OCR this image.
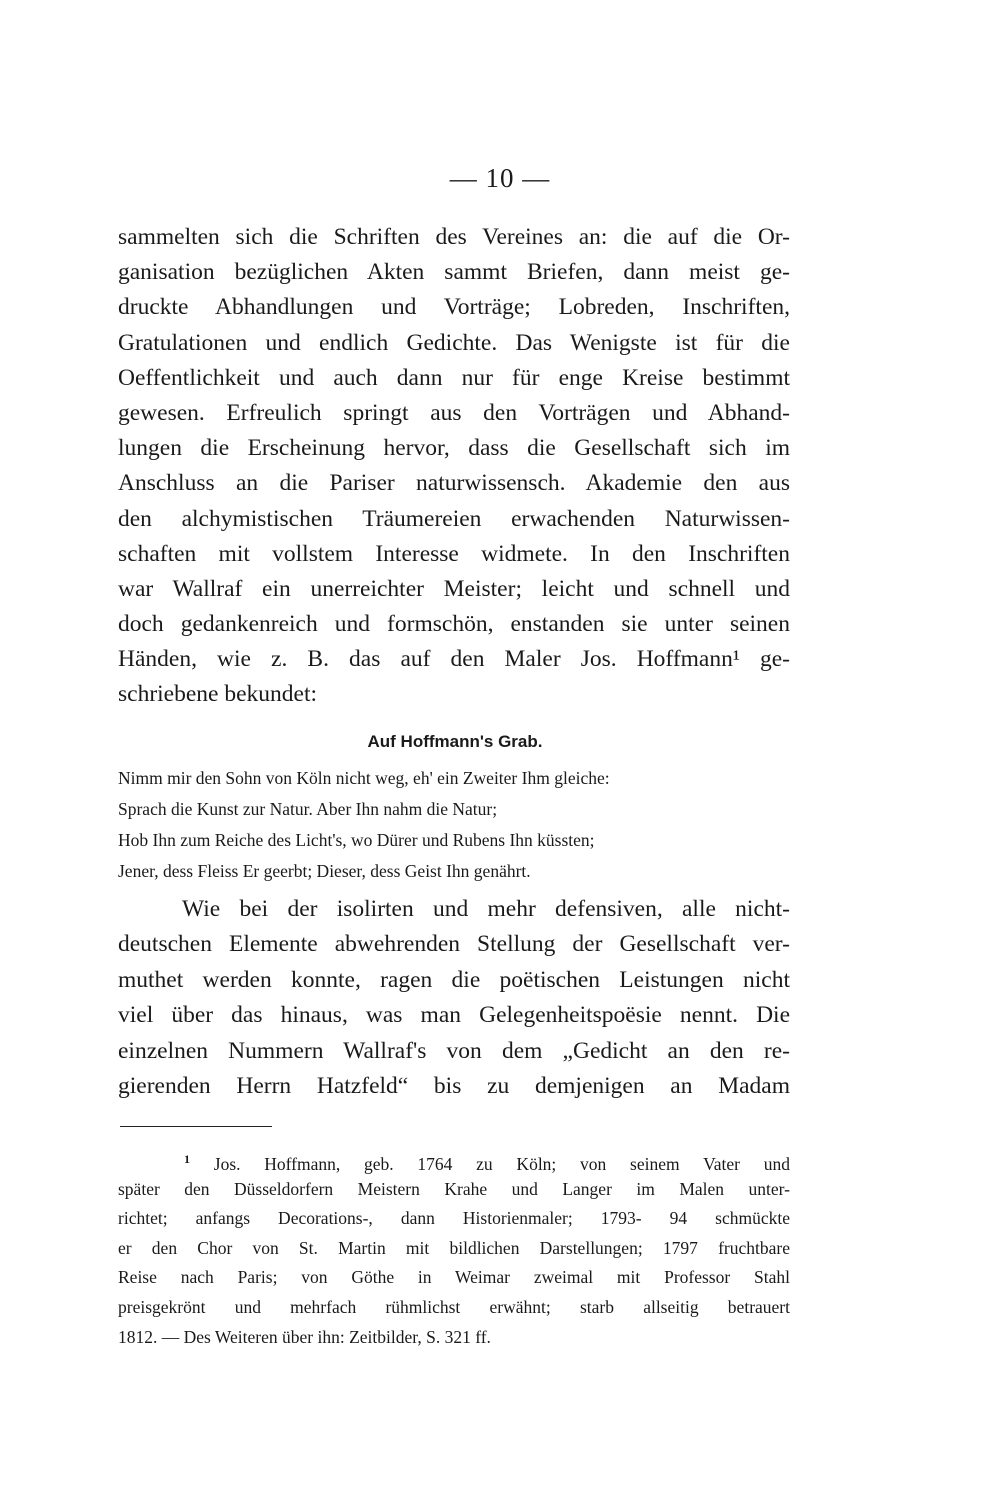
— 10 —
sammelten sich die Schriften des Vereines an: die auf die Or-
ganisation bezüglichen Akten sammt Briefen, dann meist ge-
druckte Abhandlungen und Vorträge; Lobreden, Inschriften,
Gratulationen und endlich Gedichte. Das Wenigste ist für die
Oeffentlichkeit und auch dann nur für enge Kreise bestimmt
gewesen. Erfreulich springt aus den Vorträgen und Abhand-
lungen die Erscheinung hervor, dass die Gesellschaft sich im
Anschluss an die Pariser naturwissensch. Akademie den aus
den alchymistischen Träumereien erwachenden Naturwissen-
schaften mit vollstem Interesse widmete. In den Inschriften
war Wallraf ein unerreichter Meister; leicht und schnell und
doch gedankenreich und formschön, enstanden sie unter seinen
Händen, wie z. B. das auf den Maler Jos. Hoffmann¹ ge-
schriebene bekundet:
Auf Hoffmann's Grab.
Nimm mir den Sohn von Köln nicht weg, eh' ein Zweiter Ihm gleiche:
Sprach die Kunst zur Natur. Aber Ihn nahm die Natur;
Hob Ihn zum Reiche des Licht's, wo Dürer und Rubens Ihn küssten;
Jener, dess Fleiss Er geerbt; Dieser, dess Geist Ihn genährt.
Wie bei der isolirten und mehr defensiven, alle nicht-
deutschen Elemente abwehrenden Stellung der Gesellschaft ver-
muthet werden konnte, ragen die poëtischen Leistungen nicht
viel über das hinaus, was man Gelegenheitspoësie nennt. Die
einzelnen Nummern Wallraf's von dem „Gedicht an den re-
gierenden Herrn Hatzfeld“ bis zu demjenigen an Madam
$^1$ Jos. Hoffmann, geb. 1764 zu Köln; von seinem Vater und
später den Düsseldorfern Meistern Krahe und Langer im Malen unter-
richtet; anfangs Decorations-, dann Historienmaler; 1793- 94 schmückte
er den Chor von St. Martin mit bildlichen Darstellungen; 1797 fruchtbare
Reise nach Paris; von Göthe in Weimar zweimal mit Professor Stahl
preisgekrönt und mehrfach rühmlichst erwähnt; starb allseitig betrauert
1812. — Des Weiteren über ihn: Zeitbilder, S. 321 ff.
